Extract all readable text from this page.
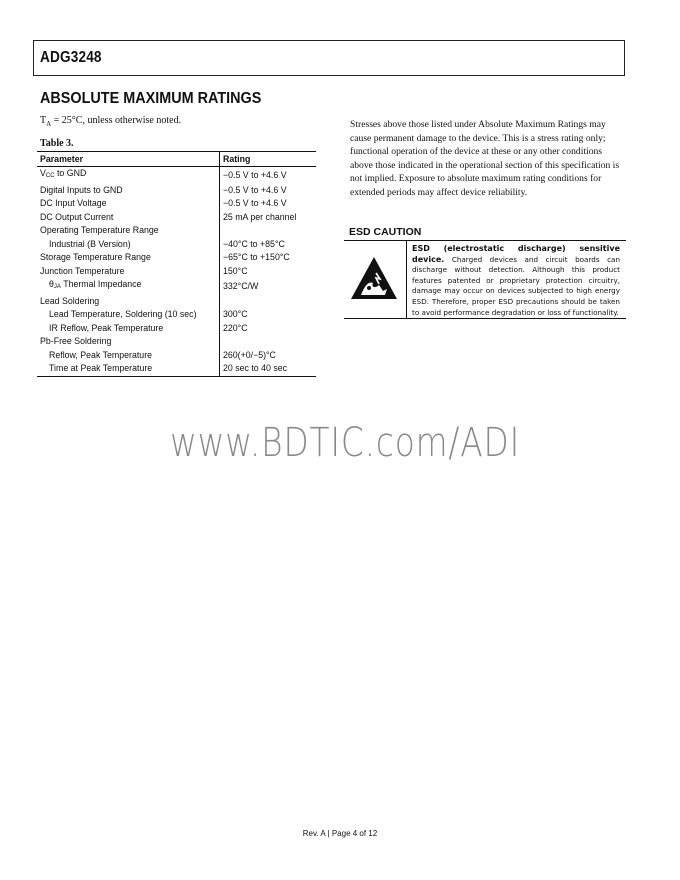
ADG3248
ABSOLUTE MAXIMUM RATINGS
$T_A = 25^\circ C$, unless otherwise noted.
Table 3.
Parameter	Rating
$V_{CC}$ to GND	−0.5 V to +4.6 V
Digital Inputs to GND	−0.5 V to +4.6 V
DC Input Voltage	−0.5 V to +4.6 V
DC Output Current	25 mA per channel
Operating Temperature Range	
Industrial (B Version)	−40°C to +85°C
Storage Temperature Range	−65°C to +150°C
Junction Temperature	150°C
$\theta_{JA}$ Thermal Impedance	332°C/W
Lead Soldering	
Lead Temperature, Soldering (10 sec)	300°C
IR Reflow, Peak Temperature	220°C
Pb-Free Soldering	
Reflow, Peak Temperature	260(+0/−5)°C
Time at Peak Temperature	20 sec to 40 sec
Stresses above those listed under Absolute Maximum Ratings may cause permanent damage to the device. This is a stress rating only; functional operation of the device at these or any other conditions above those indicated in the operational section of this specification is not implied. Exposure to absolute maximum rating conditions for extended periods may affect device reliability.
ESD CAUTION
ESD (electrostatic discharge) sensitive device. Charged devices and circuit boards can discharge without detection. Although this product features patented or proprietary protection circuitry, damage may occur on devices subjected to high energy ESD. Therefore, proper ESD precautions should be taken to avoid performance degradation or loss of functionality.
www.BDTIC.com/ADI
Rev. A | Page 4 of 12
